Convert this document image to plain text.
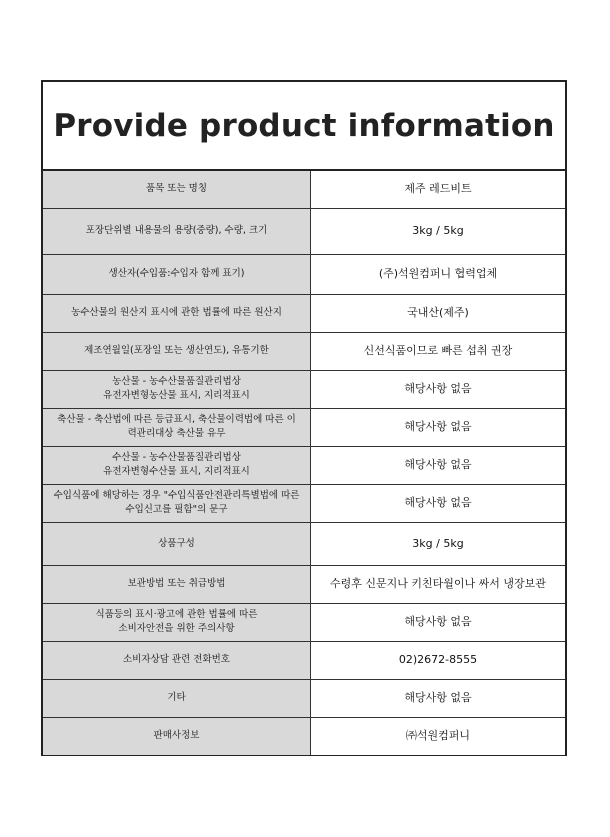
Provide product information
품목 또는 명칭	제주 레드비트
포장단위별 내용물의 용량(중량), 수량, 크기	3kg / 5kg
생산자(수입품:수입자 함께 표기)	(주)석원컴퍼니 협력업체
농수산물의 원산지 표시에 관한 법률에 따른 원산지	국내산(제주)
제조연월일(포장일 또는 생산연도), 유통기한	신선식품이므로 빠른 섭취 권장

농산물 - 농수산물품질관리법상
유전자변형농산물 표시, 지리적표시	해당사항 없음

축산물 - 축산법에 따른 등급표시, 축산물이력법에 따른 이
력관리대상 축산물 유무	해당사항 없음

수산물 - 농수산물품질관리법상
유전자변형수산물 표시, 지리적표시	해당사항 없음

수입식품에 해당하는 경우 "수입식품안전관리특별법에 따른
수입신고를 필함"의 문구	해당사항 없음
상품구성	3kg / 5kg
보관방법 또는 취급방법	수령후 신문지나 키친타월이나 싸서 냉장보관

식품등의 표시·광고에 관한 법률에 따른
소비자안전을 위한 주의사항	해당사항 없음
소비자상담 관련 전화번호	02)2672-8555
기타	해당사항 없음
판매사정보	㈜석원컴퍼니
